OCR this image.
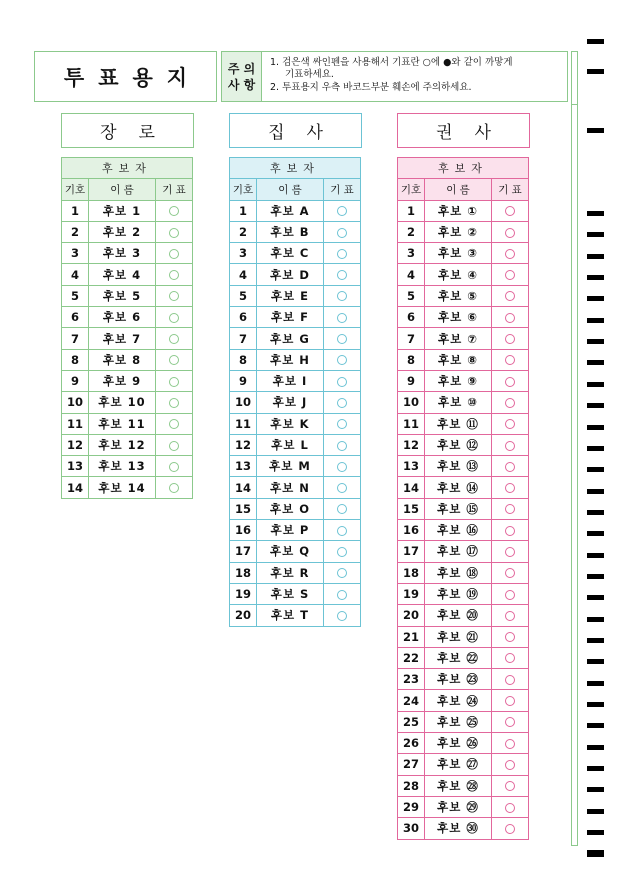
투표용지	주 의
사 항
1. 검은색 싸인펜을 사용해서 기표란 ○에 ●와 같이 까맣게
기표하세요.
2. 투표용지 우측 바코드부분 훼손에 주의하세요.
장로
후보자		
기호	이 름	기 표
1	후보 1	
2	후보 2	
3	후보 3	
4	후보 4	
5	후보 5	
6	후보 6	
7	후보 7	
8	후보 8	
9	후보 9	
10	후보 10	
11	후보 11	
12	후보 12	
13	후보 13	
14	후보 14	
집사
후보자		
기호	이 름	기 표
1	후보 A	
2	후보 B	
3	후보 C	
4	후보 D	
5	후보 E	
6	후보 F	
7	후보 G	
8	후보 H	
9	후보 I	
10	후보 J	
11	후보 K	
12	후보 L	
13	후보 M	
14	후보 N	
15	후보 O	
16	후보 P	
17	후보 Q	
18	후보 R	
19	후보 S	
20	후보 T	
권사
후보자		
기호	이 름	기 표
1	후보 ①	
2	후보 ②	
3	후보 ③	
4	후보 ④	
5	후보 ⑤	
6	후보 ⑥	
7	후보 ⑦	
8	후보 ⑧	
9	후보 ⑨	
10	후보 ⑩	
11	후보 ⑪	
12	후보 ⑫	
13	후보 ⑬	
14	후보 ⑭	
15	후보 ⑮	
16	후보 ⑯	
17	후보 ⑰	
18	후보 ⑱	
19	후보 ⑲	
20	후보 ⑳	
21	후보 ㉑	
22	후보 ㉒	
23	후보 ㉓	
24	후보 ㉔	
25	후보 ㉕	
26	후보 ㉖	
27	후보 ㉗	
28	후보 ㉘	
29	후보 ㉙	
30	후보 ㉚	
